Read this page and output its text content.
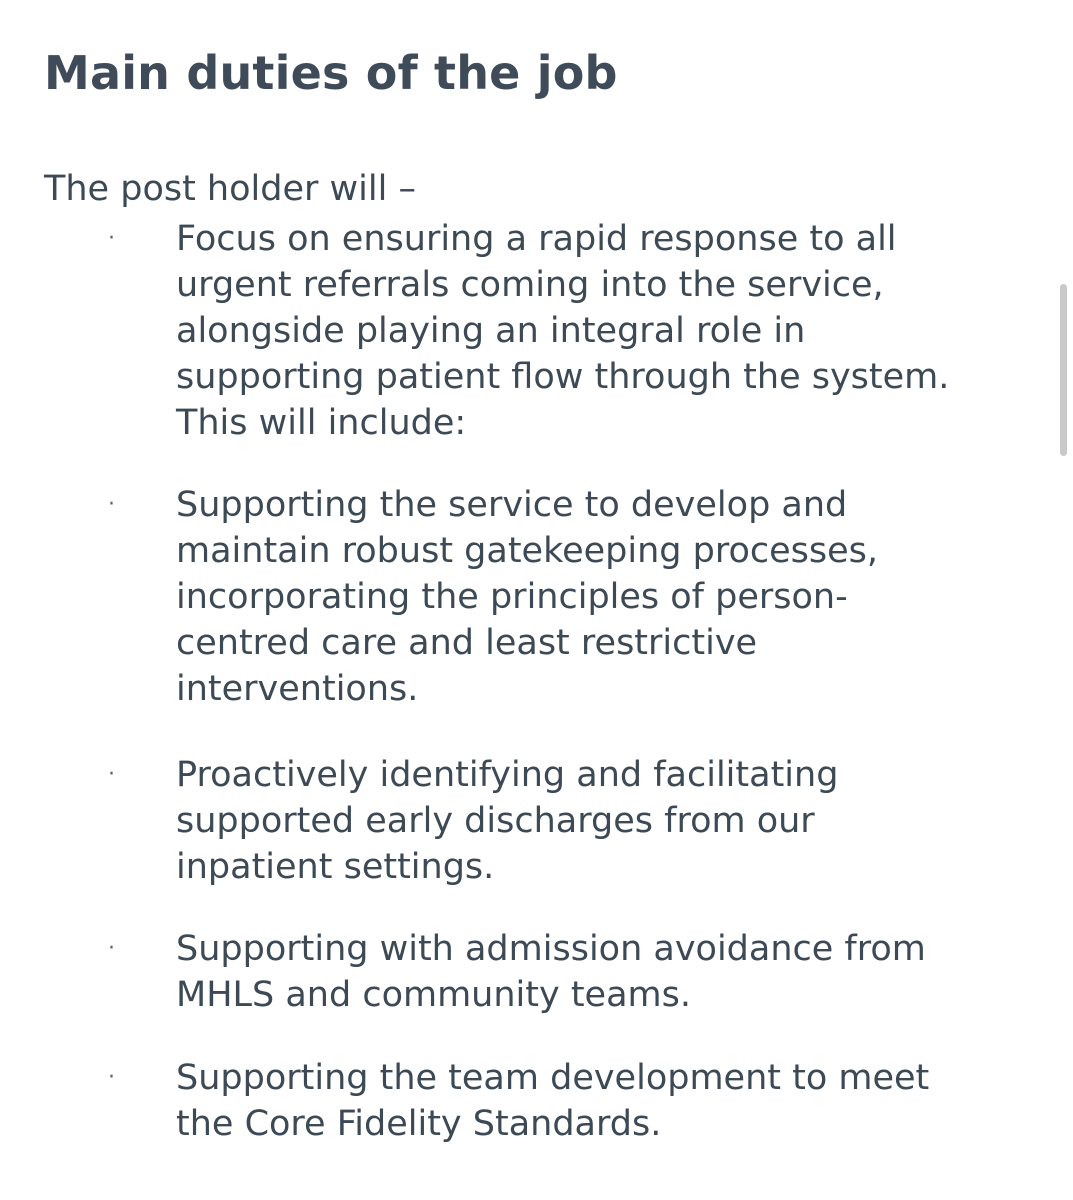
Main duties of the job

The post holder will –

· Focus on ensuring a rapid response to all
urgent referrals coming into the service,
alongside playing an integral role in
supporting patient flow through the system.
This will include:
· Supporting the service to develop and
maintain robust gatekeeping processes,
incorporating the principles of person-
centred care and least restrictive
interventions.
· Proactively identifying and facilitating
supported early discharges from our
inpatient settings.
· Supporting with admission avoidance from
MHLS and community teams.
· Supporting the team development to meet
the Core Fidelity Standards.
